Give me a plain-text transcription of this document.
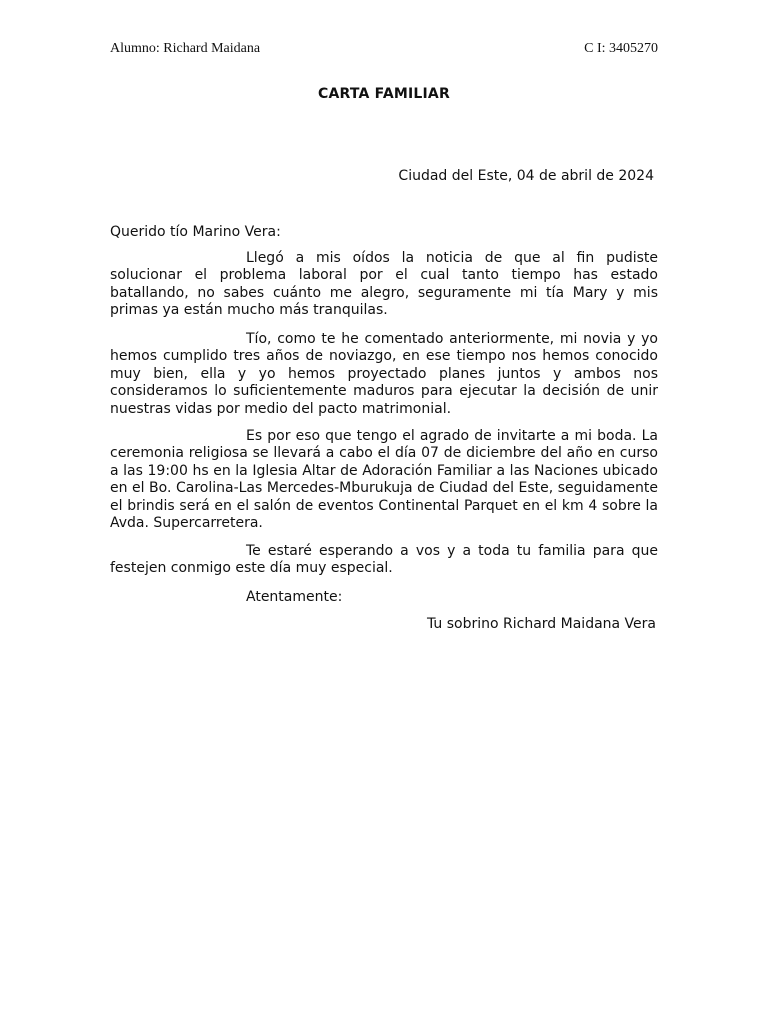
Alumno: Richard Maidana	C I: 3405270
CARTA FAMILIAR
Ciudad del Este, 04 de abril de 2024
Querido tío Marino Vera:

Llegó a mis oídos la noticia de que al fin pudiste solucionar el problema laboral por el cual tanto tiempo has estado batallando, no sabes cuánto me alegro, seguramente mi tía Mary y mis primas ya están mucho más tranquilas.

Tío, como te he comentado anteriormente, mi novia y yo hemos cumplido tres años de noviazgo, en ese tiempo nos hemos conocido muy bien, ella y yo hemos proyectado planes juntos y ambos nos consideramos lo suficientemente maduros para ejecutar la decisión de unir nuestras vidas por medio del pacto matrimonial.

Es por eso que tengo el agrado de invitarte a mi boda. La ceremonia religiosa se llevará a cabo el día 07 de diciembre del año en curso a las 19:00 hs en la Iglesia Altar de Adoración Familiar a las Naciones ubicado en el Bo. Carolina-Las Mercedes-Mburukuja de Ciudad del Este, seguidamente el brindis será en el salón de eventos Continental Parquet en el km 4 sobre la Avda. Supercarretera.

Te estaré esperando a vos y a toda tu familia para que festejen conmigo este día muy especial.

Atentamente:
Tu sobrino Richard Maidana Vera
